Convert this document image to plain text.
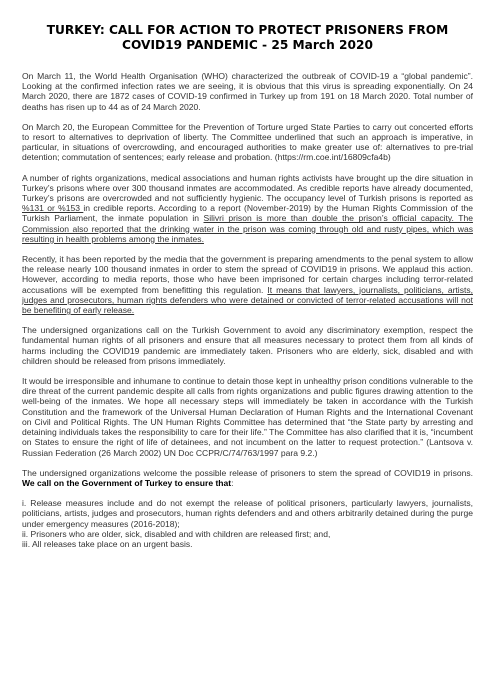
TURKEY: CALL FOR ACTION TO PROTECT PRISONERS FROM COVID19 PANDEMIC - 25 March 2020

On March 11, the World Health Organisation (WHO) characterized the outbreak of COVID-19 a “global pandemic”. Looking at the confirmed infection rates we are seeing, it is obvious that this virus is spreading exponentially. On 24 March 2020, there are 1872 cases of COVID-19 confirmed in Turkey up from 191 on 18 March 2020. Total number of deaths has risen up to 44 as of 24 March 2020.

On March 20, the European Committee for the Prevention of Torture urged State Parties to carry out concerted efforts to resort to alternatives to deprivation of liberty. The Committee underlined that such an approach is imperative, in particular, in situations of overcrowding, and encouraged authorities to make greater use of: alternatives to pre-trial detention; commutation of sentences; early release and probation. (https://rm.coe.int/16809cfa4b)

A number of rights organizations, medical associations and human rights activists have brought up the dire situation in Turkey’s prisons where over 300 thousand inmates are accommodated. As credible reports have already documented, Turkey’s prisons are overcrowded and not sufficiently hygienic. The occupancy level of Turkish prisons is reported as %131 or %153 in credible reports. According to a report (November-2019) by the Human Rights Commission of the Turkish Parliament, the inmate population in Silivri prison is more than double the prison’s official capacity. The Commission also reported that the drinking water in the prison was coming through old and rusty pipes, which was resulting in health problems among the inmates.

Recently, it has been reported by the media that the government is preparing amendments to the penal system to allow the release nearly 100 thousand inmates in order to stem the spread of COVID19 in prisons. We applaud this action. However, according to media reports, those who have been imprisoned for certain charges including terror-related accusations will be exempted from benefitting this regulation. It means that lawyers, journalists, politicians, artists, judges and prosecutors, human rights defenders who were detained or convicted of terror-related accusations will not be benefiting of early release.

The undersigned organizations call on the Turkish Government to avoid any discriminatory exemption, respect the fundamental human rights of all prisoners and ensure that all measures necessary to protect them from all kinds of harms including the COVID19 pandemic are immediately taken. Prisoners who are elderly, sick, disabled and with children should be released from prisons immediately.

It would be irresponsible and inhumane to continue to detain those kept in unhealthy prison conditions vulnerable to the dire threat of the current pandemic despite all calls from rights organizations and public figures drawing attention to the well-being of the inmates. We hope all necessary steps will immediately be taken in accordance with the Turkish Constitution and the framework of the Universal Human Declaration of Human Rights and the International Covenant on Civil and Political Rights. The UN Human Rights Committee has determined that “the State party by arresting and detaining individuals takes the responsibility to care for their life.” The Committee has also clarified that it is, “incumbent on States to ensure the right of life of detainees, and not incumbent on the latter to request protection.” (Lantsova v. Russian Federation (26 March 2002) UN Doc CCPR/C/74/763/1997 para 9.2.)

The undersigned organizations welcome the possible release of prisoners to stem the spread of COVID19 in prisons. We call on the Government of Turkey to ensure that:

i. Release measures include and do not exempt the release of political prisoners, particularly lawyers, journalists, politicians, artists, judges and prosecutors, human rights defenders and and others arbitrarily detained during the purge under emergency measures (2016-2018);
ii. Prisoners who are older, sick, disabled and with children are released first; and,
iii. All releases take place on an urgent basis.
